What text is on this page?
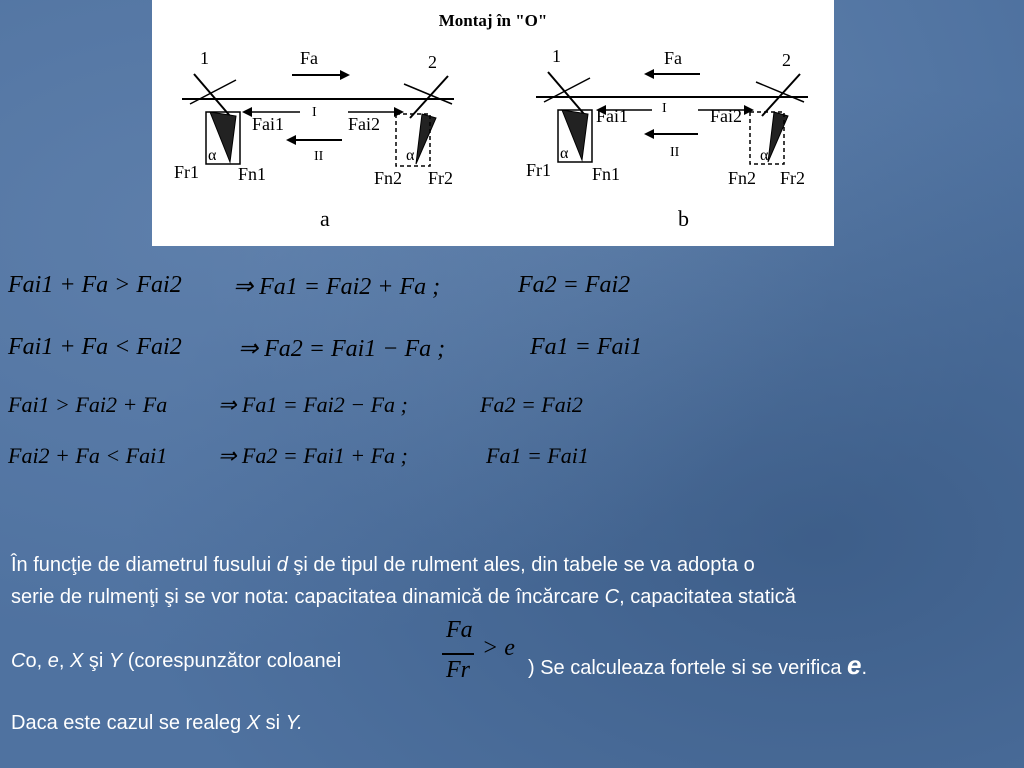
Montaj în "O"
1	2
Fa
α
Fr1 Fn1
Fai1
I
Fai2
II	α
Fn2 Fr2
a
1	2
Fa
α
Fr1 Fn1
Fai1 I Fai2
II	α
Fn2 Fr2
b
Fai1 + Fa > Fai2 ⇒ Fa1 = Fai2 + Fa ;	Fa2 = Fai2
Fai1 + Fa < Fai2 ⇒ Fa2 = Fai1 − Fa ;	Fa1 = Fai1
Fai1 > Fai2 + Fa ⇒ Fa1 = Fai2 − Fa ;	Fa2 = Fai2
Fai2 + Fa < Fai1 ⇒ Fa2 = Fai1 + Fa ;	Fa1 = Fai1
În funcţie de diametrul fusului d şi de tipul de rulment ales, din tabele se va adopta o
serie de rulmenţi şi se vor nota: capacitatea dinamică de încărcare C, capacitatea statică
Co, e, X şi Y (corespunzător coloanei	) Se calculeaza fortele si se verifica e.
Fa
Fr
> e
Daca este cazul se realeg X si Y.
